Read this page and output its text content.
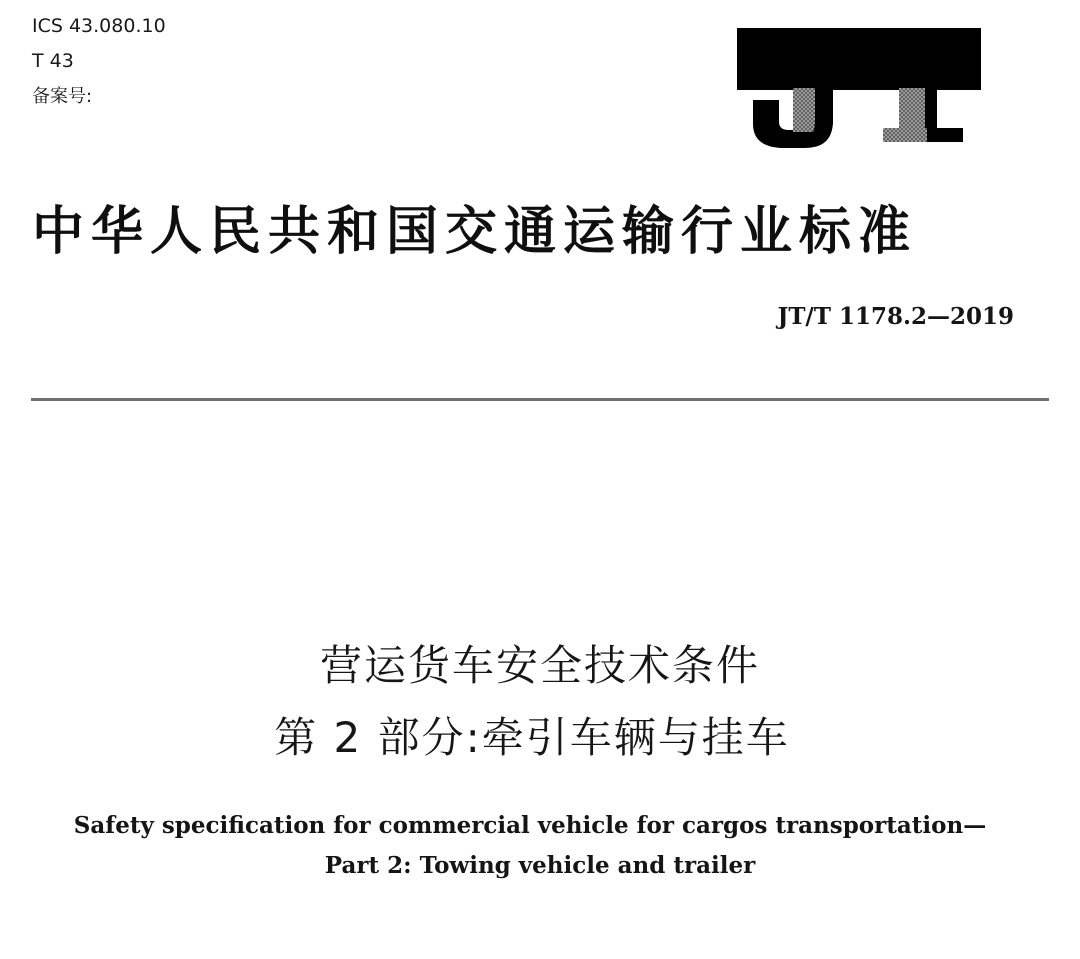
ICS 43.080.10
T 43
备案号:
中华人民共和国交通运输行业标准
JT/T 1178.2—2019
营运货车安全技术条件
第 2 部分:牵引车辆与挂车
Safety specification for commercial vehicle for cargos transportation—
Part 2: Towing vehicle and trailer
